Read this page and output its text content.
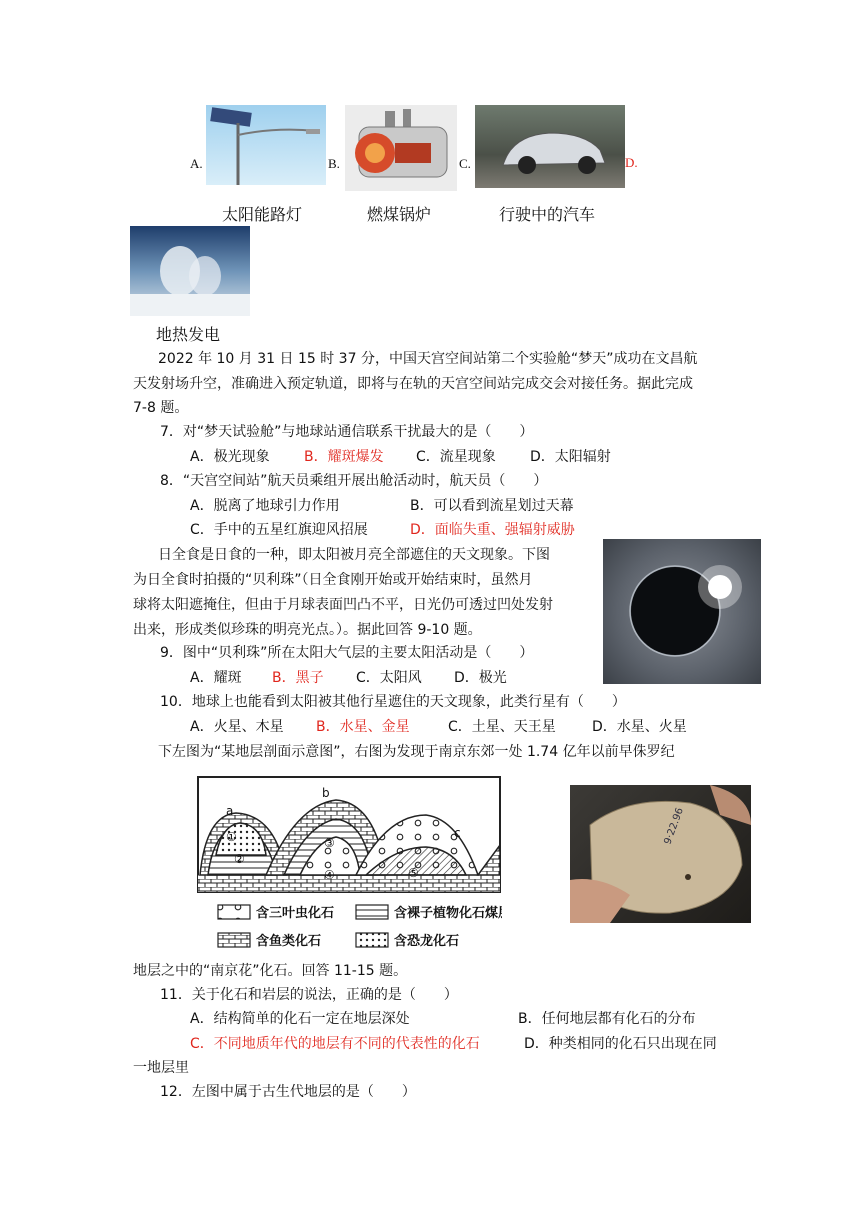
A.	B.	C.	D.
太阳能路灯	燃煤锅炉	行驶中的汽车
地热发电
2022 年 10 月 31 日 15 时 37 分，中国天宫空间站第二个实验舱“梦天”成功在文昌航
天发射场升空，准确进入预定轨道，即将与在轨的天宫空间站完成交会对接任务。据此完成
7-8 题。
7．对“梦天试验舱”与地球站通信联系干扰最大的是（　　）
A．极光现象 B．耀斑爆发 C．流星现象 D．太阳辐射
8．“天宫空间站”航天员乘组开展出舱活动时，航天员（　　）
A．脱离了地球引力作用	B．可以看到流星划过天幕
C．手中的五星红旗迎风招展	D．面临失重、强辐射威胁
日全食是日食的一种，即太阳被月亮全部遮住的天文现象。下图
为日全食时拍摄的“贝利珠”（日全食刚开始或开始结束时，虽然月
球将太阳遮掩住，但由于月球表面凹凸不平，日光仍可透过凹处发射
出来，形成类似珍珠的明亮光点。）。据此回答 9-10 题。
9．图中“贝利珠”所在太阳大气层的主要太阳活动是（　　）
A．耀斑 B．黑子 C．太阳风 D．极光
10．地球上也能看到太阳被其他行星遮住的天文现象，此类行星有（　　）
A．火星、木星 B．水星、金星	C．土星、天王星	D．水星、火星
下左图为“某地层剖面示意图”，右图为发现于南京东郊一处 1.74 亿年以前早侏罗纪
a
b
c
①
②
③
④	⑤
含三叶虫化石	含裸子植物化石煤层
含鱼类化石	含恐龙化石
9·22.96
地层之中的“南京花”化石。回答 11-15 题。
11．关于化石和岩层的说法，正确的是（　　）
A．结构简单的化石一定在地层深处	B．任何地层都有化石的分布
C．不同地质年代的地层有不同的代表性的化石	D．种类相同的化石只出现在同
一地层里
12．左图中属于古生代地层的是（　　）
